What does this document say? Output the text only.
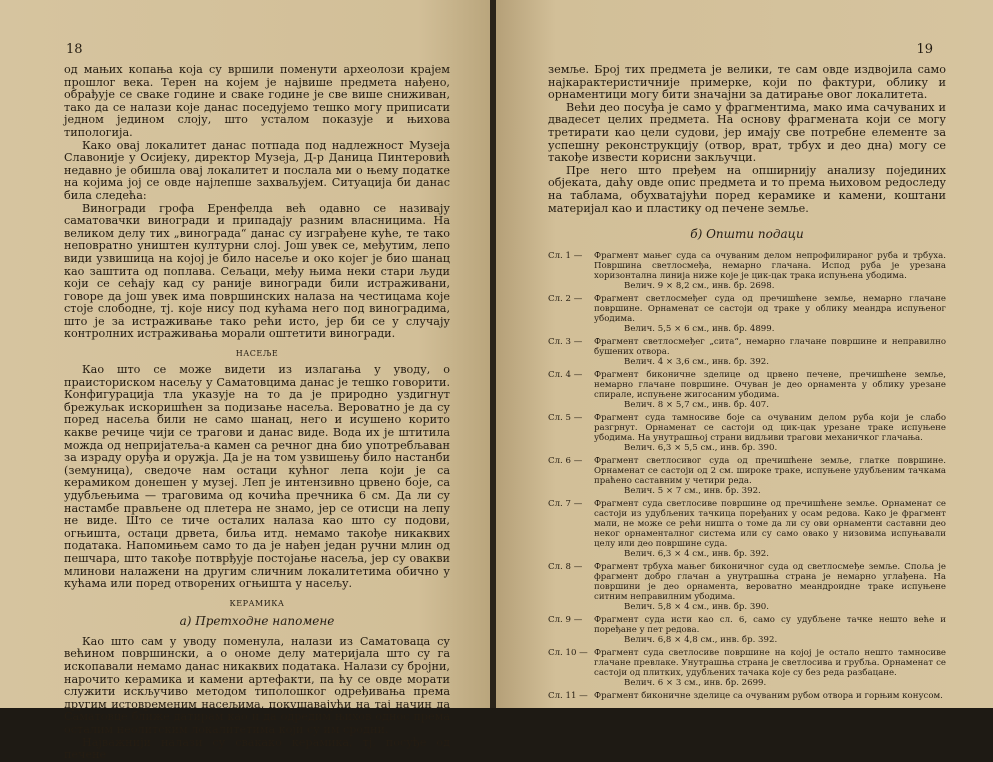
18

од мањих копања која су вршили поменути археолози крајем прошлог века. Терен на којем је највише предмета нађено, обрађује се сваке године и сваке године је све више сниживан, тако да се налази које данас поседујемо тешко могу приписати једном једином слоју, што усталом показује и њихова типологија.

Како овај локалитет данас потпада под надлежност Музеја Славоније у Осијеку, директор Музеја, Д-р Даница Пинтеровић недавно је обишла овај локалитет и послала ми о њему податке на којима јој се овде најлепше захваљујем. Ситуација би данас била следећа:

Виногради грофа Еренфелда већ одавно се називају саматовачки виногради и припадају разним власницима. На великом делу тих „винограда“ данас су изграђене куће, те тако неповратно уништен културни слој. Још увек се, међутим, лепо види узвишица на којој је било насеље и око којег је био шанац као заштита од поплава. Сељаци, међу њима неки стари људи који се сећају кад су раније виногради били истраживани, говоре да још увек има површинских налаза на честицама које стоје слободне, тј. које нису под кућама него под виноградима, што је за истраживање тако рећи исто, јер би се у случају контролних истраживања морали оштетити виногради.

НАСЕЉЕ

Као што се може видети из излагања у уводу, о праисториском насељу у Саматовцима данас је тешко говорити. Конфигурација тла указује на то да је природно уздигнут брежуљак искоришћен за подизање насеља. Вероватно је да су поред насеља били не само шанац, него и исушено корито какве речице чији се трагови и данас виде. Вода их је штитила можда од непријатеља-а камен са речног дна био употребљаван за израду оруђа и оружја. Да је на том узвишењу било настанби (земуница), сведоче нам остаци кућног лепа који је са керамиком донешен у музеј. Леп је интензивно црвено боје, са удубљењима — траговима од кочића пречника 6 см. Да ли су настамбе прављене од плетера не знамо, јер се отисци на лепу не виде. Што се тиче осталих налаза као што су подови, огњишта, остаци дрвета, биља итд. немамо такође никаквих података. Напомињем само то да је нађен један ручни млин од пешчара, што такође потврђује постојање насеља, јер су овакви млинови налажени на другим сличним локалитетима обично у кућама или поред отворених огњишта у насељу.

КЕРАМИКА
а) Претходне напомене

Као што сам у уводу поменула, налази из Саматоваца су већином површински, а о ономе делу материјала што су га ископавали немамо данас никаквих података. Налази су бројни, нарочито керамика и камени артефакти, па ћу се овде морати служити искључиво методом типолошког одређивања према другим истовременим насељима, покушавајући на тај начин да Саматовце ближе датирам као и да одредим њихов однос према осталим неолитским локалитетима који су им сродни.

Најважнији налази су свакако керамика, тј. посуђе од печене

19

земље. Број тих предмета је велики, те сам овде издвојила само најкарактеристичније примерке, који по фактури, облику и орнаментици могу бити значајни за датирање овог локалитета.

Већи део посуђа је само у фрагментима, мако има сачуваних и двадесет целих предмета. На основу фрагмената који се могу третирати као цели судови, јер имају све потребне елементе за успешну реконструкцију (отвор, врат, трбух и део дна) могу се такође извести корисни закључци.

Пре него што пређем на опширнију анализу појединих објеката, даћу овде опис предмета и то према њиховом редоследу на таблама, обухватајући поред керамике и камени, коштани материјал као и пластику од печене земље.

б) Општи подаци
Сл. 1 — Фрагмент мањег суда са очуваним делом непрофилираног руба и трбуха. Површина светлосмеђа, немарно глачана. Испод руба је урезана хоризонтална линија ниже које је цик-цак трака испуњена убодима.
Велич. 9 × 8,2 см., инв. бр. 2698.
Сл. 2 — Фрагмент светлосмеђег суда од пречишћене земље, немарно глачане површине. Орнаменат се састоји од траке у облику меандра испуњеног убодима.
Велич. 5,5 × 6 см., инв. бр. 4899.
Сл. 3 — Фрагмент светлосмеђег „сита“, немарно глачане површине и неправилно бушених отвора.
Велич. 4 × 3,6 см., инв. бр. 392.
Сл. 4 — Фрагмент биконичне зделице од црвено печене, пречишћене земље, немарно глачане површине. Очуван је део орнамента у облику урезане спирале, испуњене жигосаним убодима.
Велич. 8 × 5,7 см., инв. бр. 407.
Сл. 5 — Фрагмент суда тамносиве боје са очуваним делом руба који је слабо разгрнут. Орнаменат се састоји од цик-цак урезане траке испуњене убодима. На унутрашњој страни видљиви трагови механичког глачања.
Велич. 6,3 × 5,5 см., инв. бр. 390.
Сл. 6 — Фрагмент светлосивог суда од пречишћене земље, глатке површине. Орнаменат се састоји од 2 см. широке траке, испуњене удубљеним тачкама праћено саставним у четири реда.
Велич. 5 × 7 см., инв. бр. 392.
Сл. 7 — Фрагмент суда светлосиве површине од пречишћене земље. Орнаменат се састоји из удубљених тачкица поређаних у осам редова. Како је фрагмент мали, не може се рећи ништа о томе да ли су ови орнаменти саставни део неког орнаменталног система или су само овако у низовима испуњавали целу или део површине суда.
Велич. 6,3 × 4 см., инв. бр. 392.
Сл. 8 — Фрагмент трбуха мањег биконичног суда од светлосмеђе земље. Споља је фрагмент добро глачан а унутрашња страна је немарно углађена. На површини је део орнамента, вероватно меандроидне траке испуњене ситним неправилним убодима.
Велич. 5,8 × 4 см., инв. бр. 390.
Сл. 9 — Фрагмент суда исти као сл. 6, само су удубљене тачке нешто веће и поређане у пет редова.
Велич. 6,8 × 4,8 см., инв. бр. 392.
Сл. 10 — Фрагмент суда светлосиве површине на којој је остало нешто тамносиве глачане превлаке. Унутрашња страна је светлосива и грубља. Орнаменат се састоји од плитких, удубљених тачака које су без реда разбацане.
Велич. 6 × 3 см., инв. бр. 2699.
Сл. 11 — Фрагмент биконичне зделице са очуваним рубом отвора и горњим конусом.
